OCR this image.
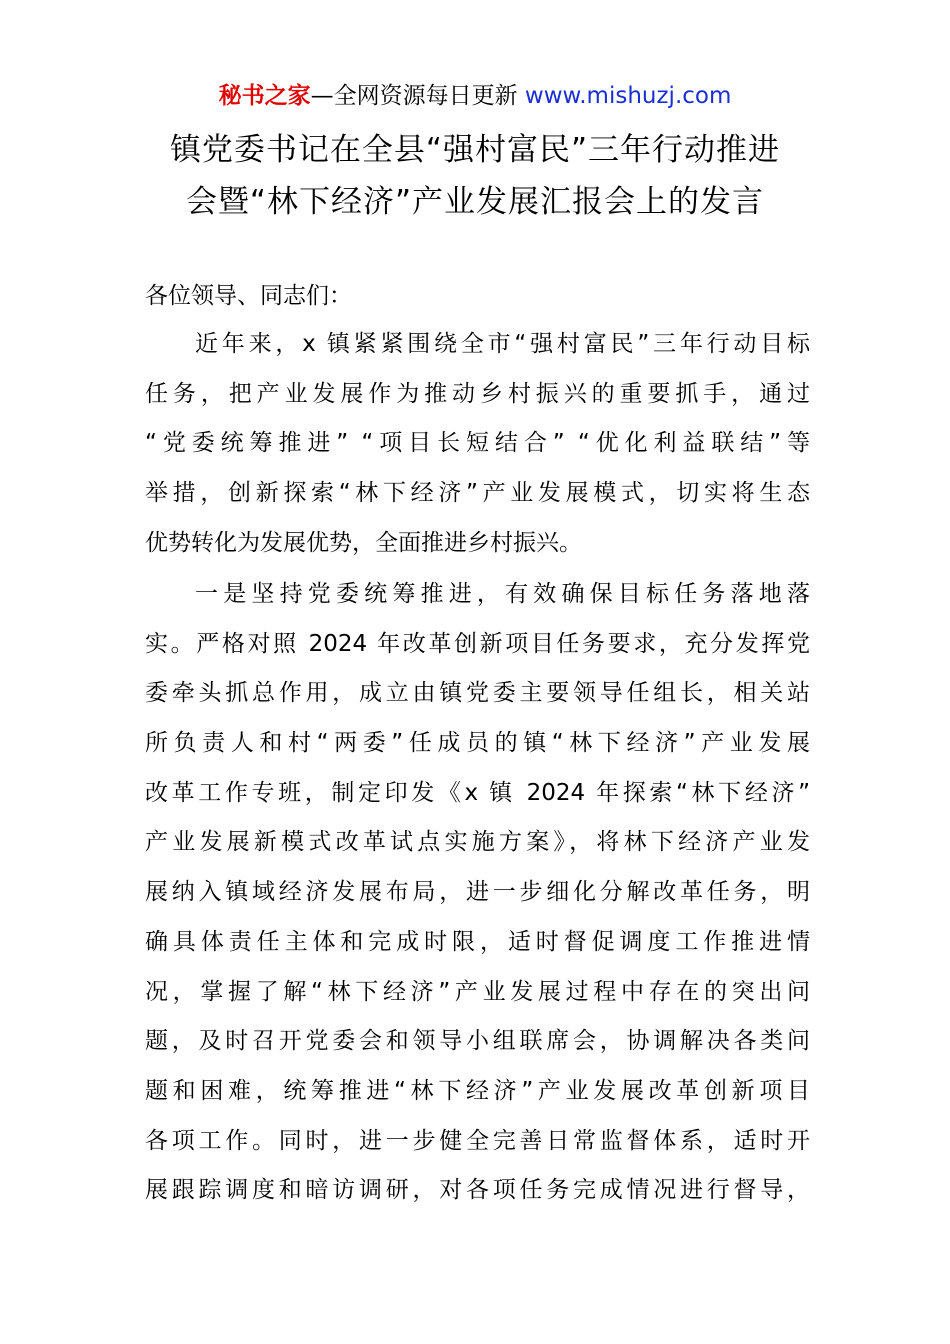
秘书之家—全网资源每日更新 www.mishuzj.com
镇党委书记在全县“强村富民”三年行动推进
会暨“林下经济”产业发展汇报会上的发言
各位领导、同志们：
近年来，x 镇紧紧围绕全市“强村富民”三年行动目标
任务，把产业发展作为推动乡村振兴的重要抓手，通过
“党委统筹推进” “项目长短结合” “优化利益联结”等
举措，创新探索“林下经济”产业发展模式，切实将生态
优势转化为发展优势，全面推进乡村振兴。
一是坚持党委统筹推进，有效确保目标任务落地落
实。严格对照 2024 年改革创新项目任务要求，充分发挥党
委牵头抓总作用，成立由镇党委主要领导任组长，相关站
所负责人和村“两委”任成员的镇“林下经济”产业发展
改革工作专班，制定印发《x 镇 2024 年探索“林下经济”
产业发展新模式改革试点实施方案》，将林下经济产业发
展纳入镇域经济发展布局，进一步细化分解改革任务，明
确具体责任主体和完成时限，适时督促调度工作推进情
况，掌握了解“林下经济”产业发展过程中存在的突出问
题，及时召开党委会和领导小组联席会，协调解决各类问
题和困难，统筹推进“林下经济”产业发展改革创新项目
各项工作。同时，进一步健全完善日常监督体系，适时开
展跟踪调度和暗访调研，对各项任务完成情况进行督导，
